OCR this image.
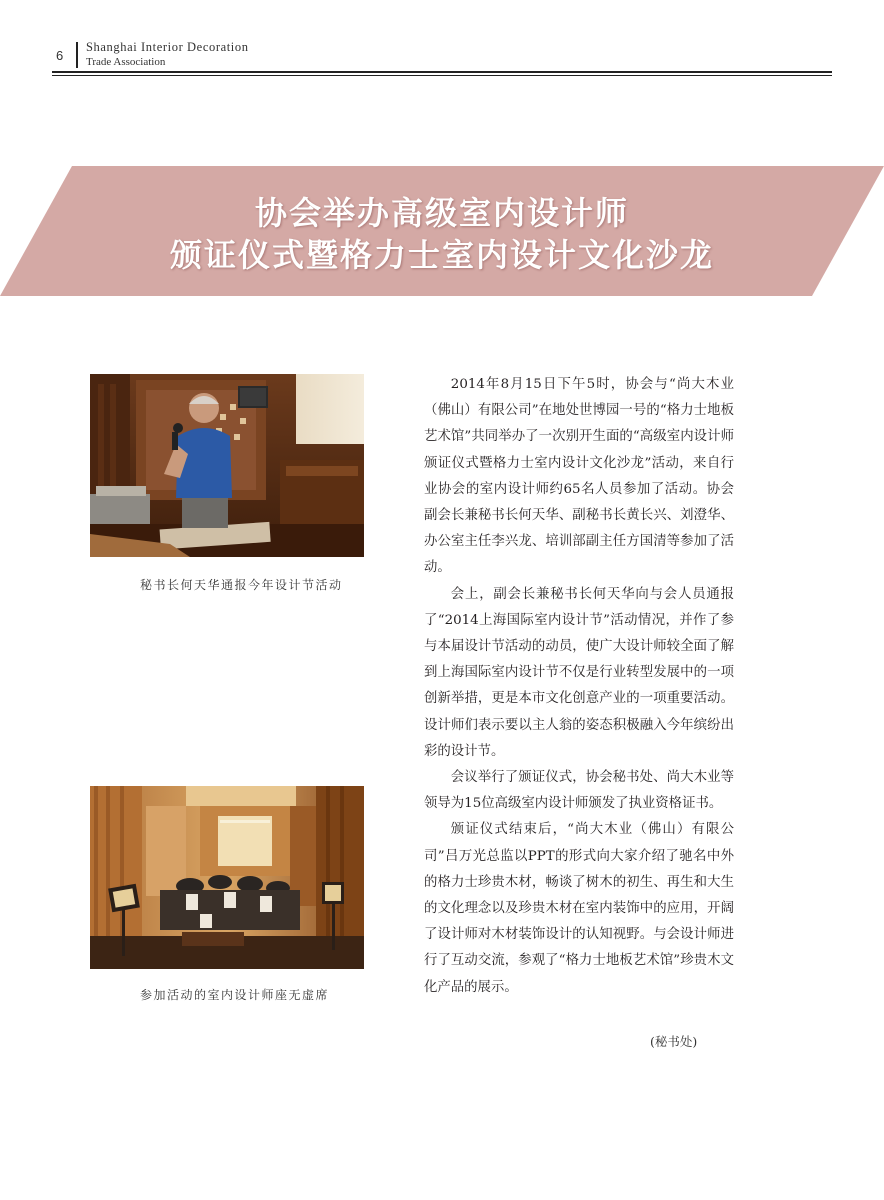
6
Shanghai Interior Decoration
Trade Association
协会举办高级室内设计师
颁证仪式暨格力士室内设计文化沙龙
秘书长何天华通报今年设计节活动
参加活动的室内设计师座无虚席

2014年8月15日下午5时，协会与“尚大木业（佛山）有限公司”在地处世博园一号的“格力士地板艺术馆”共同举办了一次别开生面的“高级室内设计师颁证仪式暨格力士室内设计文化沙龙”活动，来自行业协会的室内设计师约65名人员参加了活动。协会副会长兼秘书长何天华、副秘书长黄长兴、刘澄华、办公室主任李兴龙、培训部副主任方国清等参加了活动。

会上，副会长兼秘书长何天华向与会人员通报了“2014上海国际室内设计节”活动情况，并作了参与本届设计节活动的动员，使广大设计师较全面了解到上海国际室内设计节不仅是行业转型发展中的一项创新举措，更是本市文化创意产业的一项重要活动。设计师们表示要以主人翁的姿态积极融入今年缤纷出彩的设计节。

会议举行了颁证仪式，协会秘书处、尚大木业等领导为15位高级室内设计师颁发了执业资格证书。

颁证仪式结束后，“尚大木业（佛山）有限公司”吕万光总监以PPT的形式向大家介绍了驰名中外的格力士珍贵木材，畅谈了树木的初生、再生和大生的文化理念以及珍贵木材在室内装饰中的应用，开阔了设计师对木材装饰设计的认知视野。与会设计师进行了互动交流，参观了“格力士地板艺术馆”珍贵木文化产品的展示。

(秘书处)
